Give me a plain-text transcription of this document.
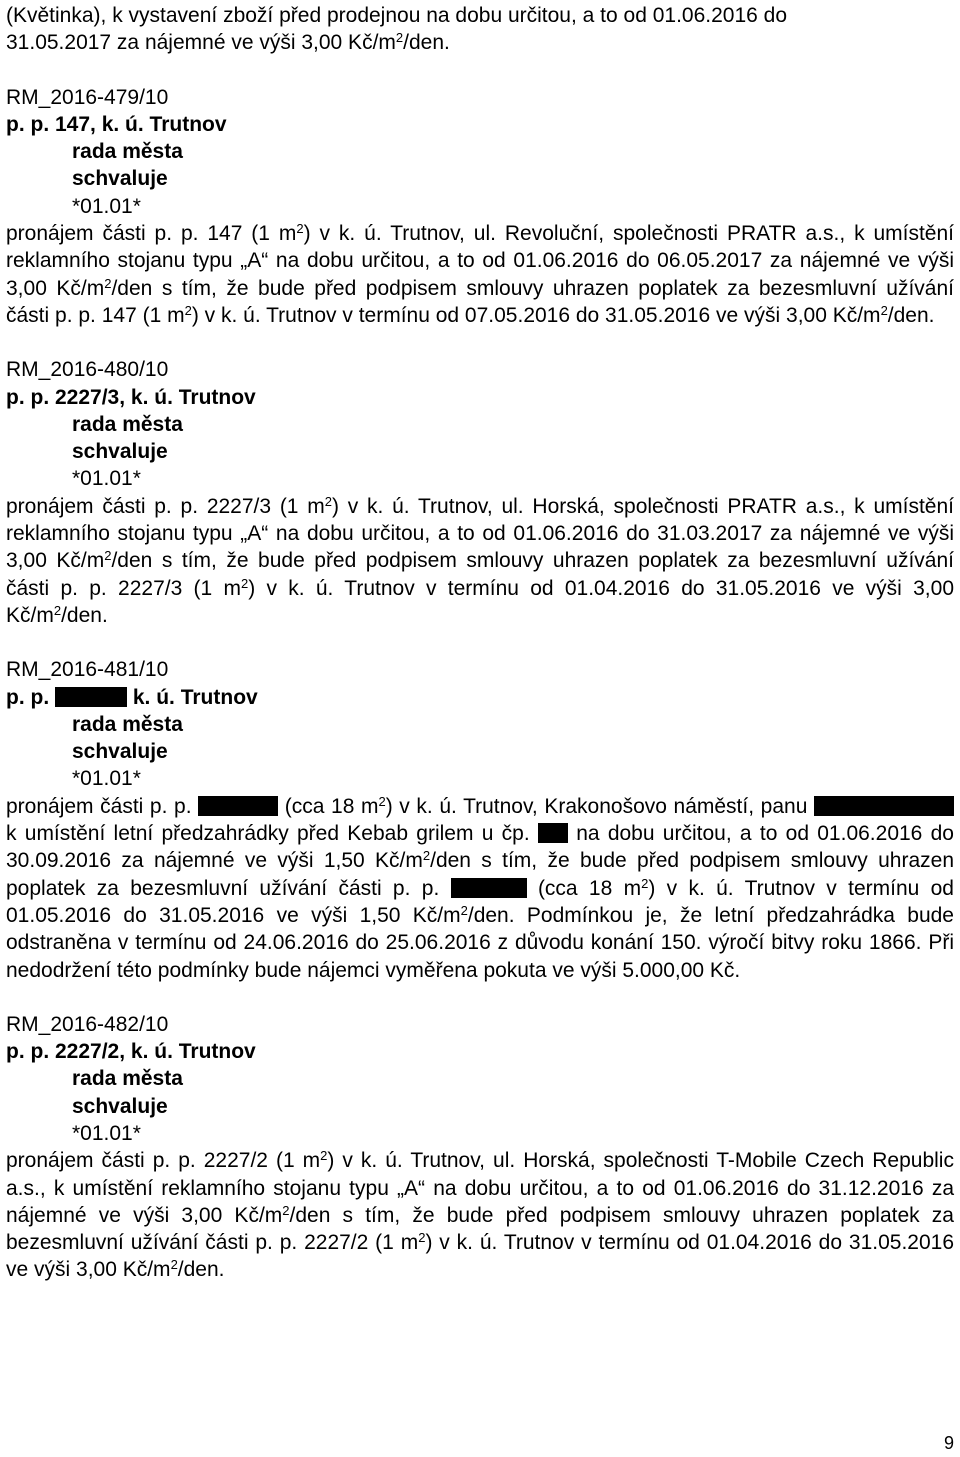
(Květinka), k vystavení zboží před prodejnou na dobu určitou, a to od 01.06.2016 do
31.05.2017 za nájemné ve výši 3,00 $Kč/m^2$/den.

RM_2016-479/10

p. p. 147, k. ú. Trutnov

rada města

schvaluje

*01.01*

pronájem části p. p. 147 (1 $m^2$) v k. ú. Trutnov, ul. Revoluční, společnosti PRATR a.s., k umístění reklamního stojanu typu „A“ na dobu určitou, a to od 01.06.2016 do 06.05.2017 za nájemné ve výši 3,00 $Kč/m^2$/den s tím, že bude před podpisem smlouvy uhrazen poplatek za bezesmluvní užívání části p. p. 147 (1 $m^2$) v k. ú. Trutnov v termínu od 07.05.2016 do 31.05.2016 ve výši 3,00 $Kč/m^2$/den.

RM_2016-480/10

p. p. 2227/3, k. ú. Trutnov

rada města

schvaluje

*01.01*

pronájem části p. p. 2227/3 (1 $m^2$) v k. ú. Trutnov, ul. Horská, společnosti PRATR a.s., k umístění reklamního stojanu typu „A“ na dobu určitou, a to od 01.06.2016 do 31.03.2017 za nájemné ve výši 3,00 $Kč/m^2$/den s tím, že bude před podpisem smlouvy uhrazen poplatek za bezesmluvní užívání části p. p. 2227/3 (1 $m^2$) v k. ú. Trutnov v termínu od 01.04.2016 do 31.05.2016 ve výši 3,00 $Kč/m^2$/den.

RM_2016-481/10

p. p.	k. ú. Trutnov

rada města

schvaluje

*01.01*

pronájem části p. p.	(cca 18 $m^2$) v k. ú. Trutnov, Krakonošovo náměstí, panu  k umístění letní předzahrádky před Kebab grilem u čp. na dobu určitou, a to od 01.06.2016 do 30.09.2016 za nájemné ve výši 1,50 $Kč/m^2$/den s tím, že bude před podpisem smlouvy uhrazen poplatek za bezesmluvní užívání části p. p.	(cca 18 $m^2$) v k. ú. Trutnov v termínu od 01.05.2016 do 31.05.2016 ve výši 1,50 $Kč/m^2$/den. Podmínkou je, že letní předzahrádka bude odstraněna v termínu od 24.06.2016 do 25.06.2016 z důvodu konání 150. výročí bitvy roku 1866. Při nedodržení této podmínky bude nájemci vyměřena pokuta ve výši 5.000,00 Kč.

RM_2016-482/10

p. p. 2227/2, k. ú. Trutnov

rada města

schvaluje

*01.01*

pronájem části p. p. 2227/2 (1 $m^2$) v k. ú. Trutnov, ul. Horská, společnosti T-Mobile Czech Republic a.s., k umístění reklamního stojanu typu „A“ na dobu určitou, a to od 01.06.2016 do 31.12.2016 za nájemné ve výši 3,00 $Kč/m^2$/den s tím, že bude před podpisem smlouvy uhrazen poplatek za bezesmluvní užívání části p. p. 2227/2 (1 $m^2$) v k. ú. Trutnov v termínu od 01.04.2016 do 31.05.2016 ve výši 3,00 $Kč/m^2$/den.

9
